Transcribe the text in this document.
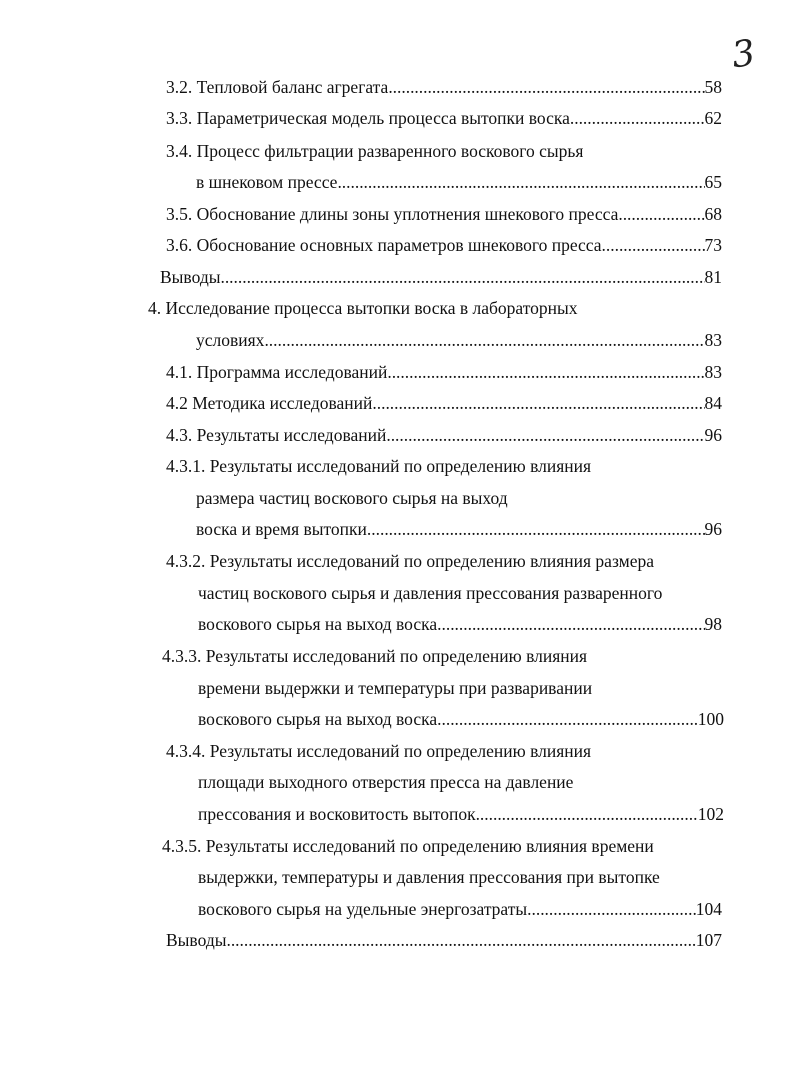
3
3.2. Тепловой баланс агрегата . . .	58
3.3. Параметрическая модель процесса вытопки воска . . .	62
3.4. Процесс фильтрации разваренного воскового сырья
в шнековом прессе . . .	65
3.5. Обоснование длины зоны уплотнения шнекового пресса . . .	68
3.6. Обоснование основных параметров шнекового пресса . . .	73
Выводы . . .	81
4. Исследование процесса вытопки воска в лабораторных
условиях . . .	83
4.1. Программа исследований . . .	83
4.2 Методика исследований . . .	84
4.3. Результаты исследований . . .	96
4.3.1. Результаты исследований по определению влияния
размера частиц воскового сырья на выход
воска и время вытопки . . .	96
4.3.2. Результаты исследований по определению влияния размера
частиц воскового сырья и давления прессования разваренного
воскового сырья на выход воска . . .	98
4.3.3. Результаты исследований по определению влияния
времени выдержки и температуры при разваривании
воскового сырья на выход воска . . .	100
4.3.4. Результаты исследований по определению влияния
площади выходного отверстия пресса на давление
прессования и восковитость вытопок . . .	102
4.3.5. Результаты исследований по определению влияния времени
выдержки, температуры и давления прессования при вытопке
воскового сырья на удельные энергозатраты . . .	104
Выводы . . .	107
